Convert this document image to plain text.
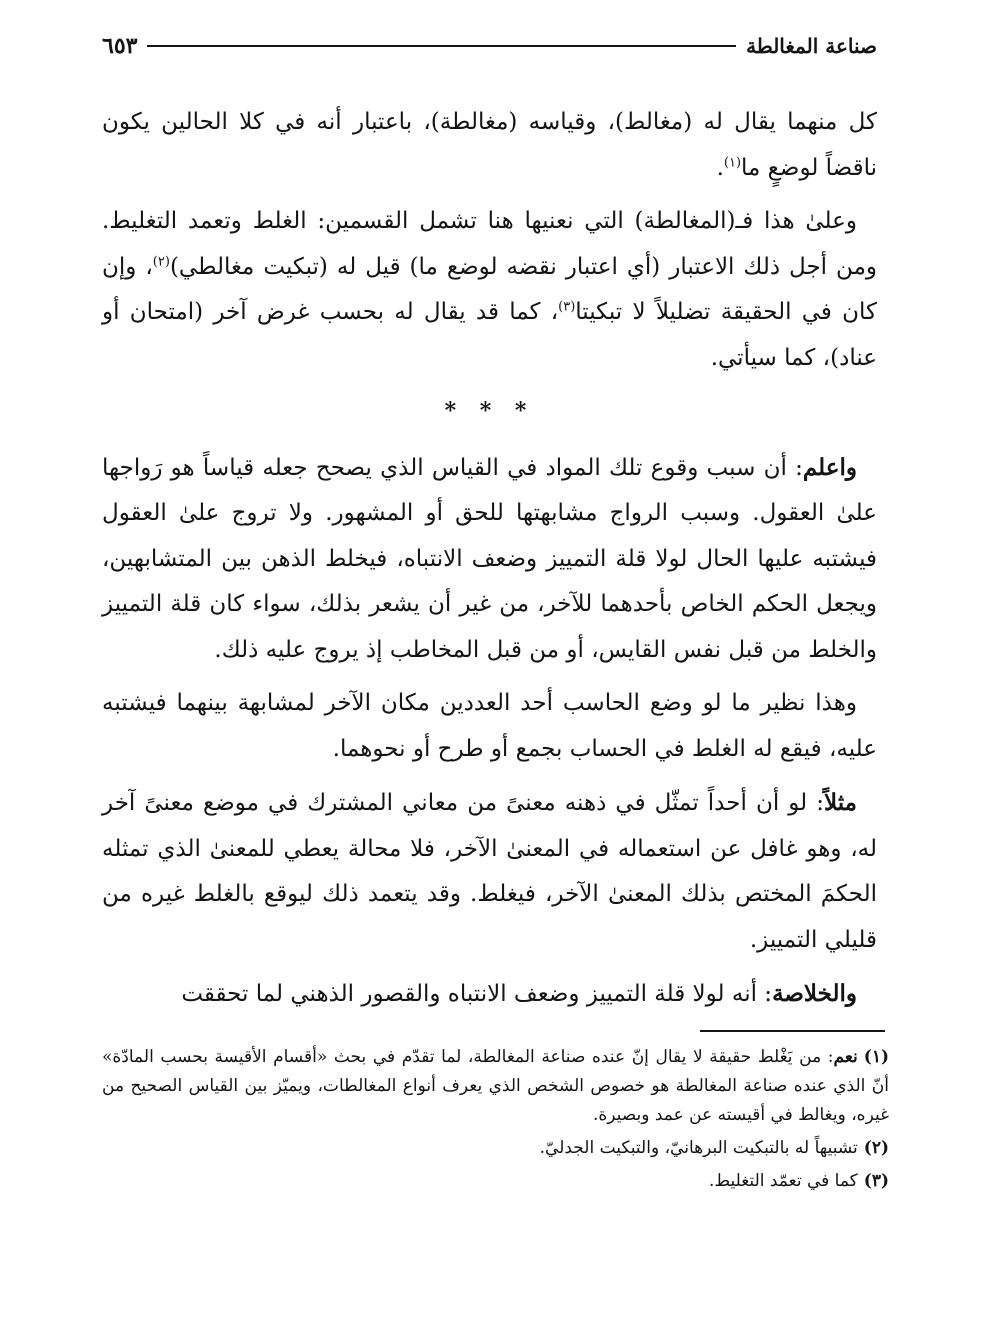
صناعة المغالطة
٦٥٣

كل منهما يقال له (مغالط)، وقياسه (مغالطة)، باعتبار أنه في كلا الحالين يكون ناقضاً لوضعٍ ما$^{(١)}$.

وعلىٰ هذا فـ(المغالطة) التي نعنيها هنا تشمل القسمين: الغلط وتعمد التغليط. ومن أجل ذلك الاعتبار (أي اعتبار نقضه لوضع ما) قيل له (تبكيت مغالطي)$^{(٢)}$، وإن كان في الحقيقة تضليلاً لا تبكيتا$^{(٣)}$، كما قد يقال له بحسب غرض آخر (امتحان أو عناد)، كما سيأتي.

* * *

واعلم: أن سبب وقوع تلك المواد في القياس الذي يصحح جعله قياساً هو رَواجها علىٰ العقول. وسبب الرواج مشابهتها للحق أو المشهور. ولا تروج علىٰ العقول فيشتبه عليها الحال لولا قلة التمييز وضعف الانتباه، فيخلط الذهن بين المتشابهين، ويجعل الحكم الخاص بأحدهما للآخر، من غير أن يشعر بذلك، سواء كان قلة التمييز والخلط من قبل نفس القايس، أو من قبل المخاطب إذ يروج عليه ذلك.

وهذا نظير ما لو وضع الحاسب أحد العددين مكان الآخر لمشابهة بينهما فيشتبه عليه، فيقع له الغلط في الحساب بجمع أو طرح أو نحوهما.

مثلاً: لو أن أحداً تمثّل في ذهنه معنىً من معاني المشترك في موضع معنىً آخر له، وهو غافل عن استعماله في المعنىٰ الآخر، فلا محالة يعطي للمعنىٰ الذي تمثله الحكمَ المختص بذلك المعنىٰ الآخر، فيغلط. وقد يتعمد ذلك ليوقع بالغلط غيره من قليلي التمييز.

والخلاصة: أنه لولا قلة التمييز وضعف الانتباه والقصور الذهني لما تحققت

(١)نعم: من يَغْلط حقيقة لا يقال إنّ عنده صناعة المغالطة، لما تقدّم في بحث «أقسام الأقيسة بحسب المادّة» أنّ الذي عنده صناعة المغالطة هو خصوص الشخص الذي يعرف أنواع المغالطات، ويميّز بين القياس الصحيح من غيره، ويغالط في أقيسته عن عمد وبصيرة.

(٢)تشبيهاً له بالتبكيت البرهانيّ، والتبكيت الجدليّ.

(٣)كما في تعمّد التغليط.
